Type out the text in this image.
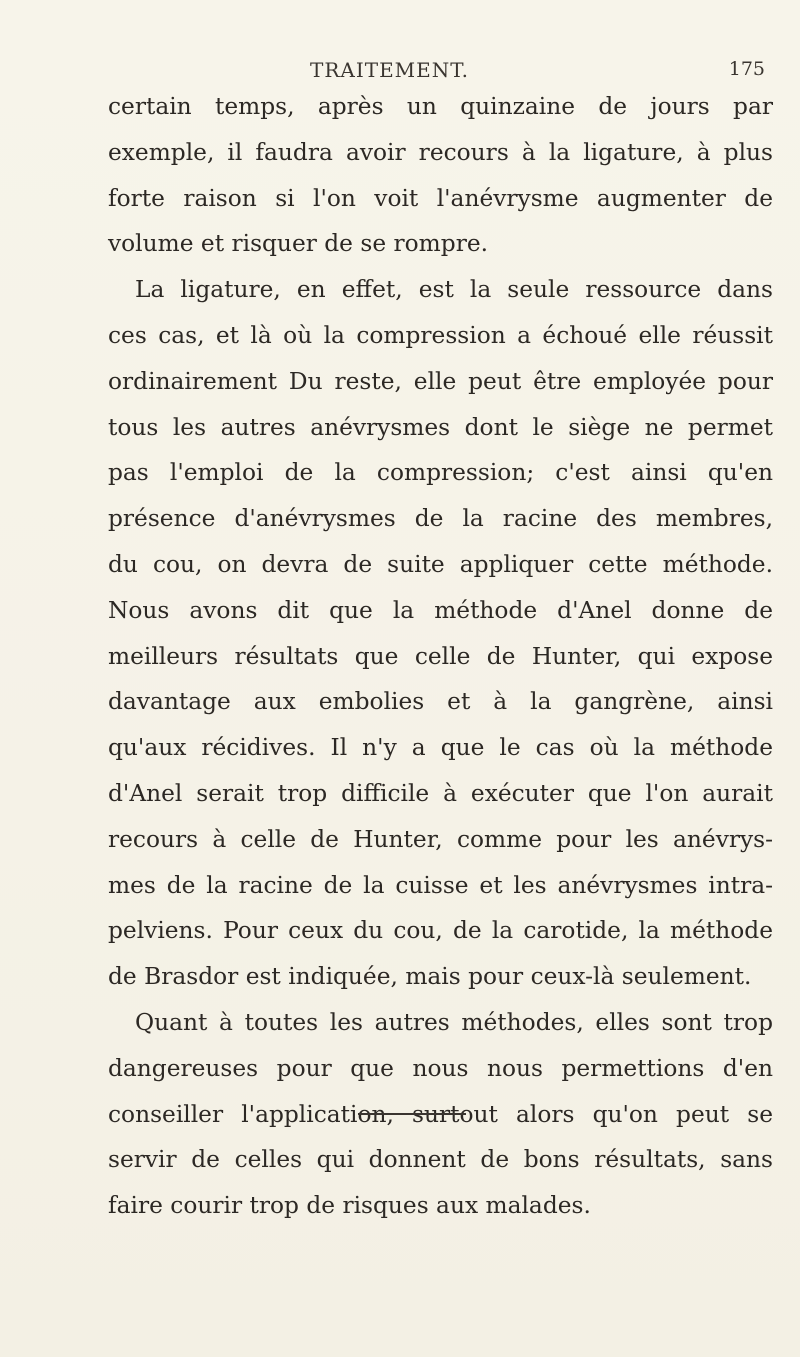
TRAITEMENT.	175
certain temps, après un quinzaine de jours par
exemple, il faudra avoir recours à la ligature, à plus
forte raison si l'on voit l'anévrysme augmenter de
volume et risquer de se rompre.
La ligature, en effet, est la seule ressource dans
ces cas, et là où la compression a échoué elle réussit
ordinairement Du reste, elle peut être employée pour
tous les autres anévrysmes dont le siège ne permet
pas l'emploi de la compression; c'est ainsi qu'en
présence d'anévrysmes de la racine des membres,
du cou, on devra de suite appliquer cette méthode.
Nous avons dit que la méthode d'Anel donne de
meilleurs résultats que celle de Hunter, qui expose
davantage aux embolies et à la gangrène, ainsi
qu'aux récidives. Il n'y a que le cas où la méthode
d'Anel serait trop difficile à exécuter que l'on aurait
recours à celle de Hunter, comme pour les anévrys-
mes de la racine de la cuisse et les anévrysmes intra-
pelviens. Pour ceux du cou, de la carotide, la méthode
de Brasdor est indiquée, mais pour ceux-là seulement.
Quant à toutes les autres méthodes, elles sont trop
dangereuses pour que nous nous permettions d'en
conseiller l'application, surtout alors qu'on peut se
servir de celles qui donnent de bons résultats, sans
faire courir trop de risques aux malades.
